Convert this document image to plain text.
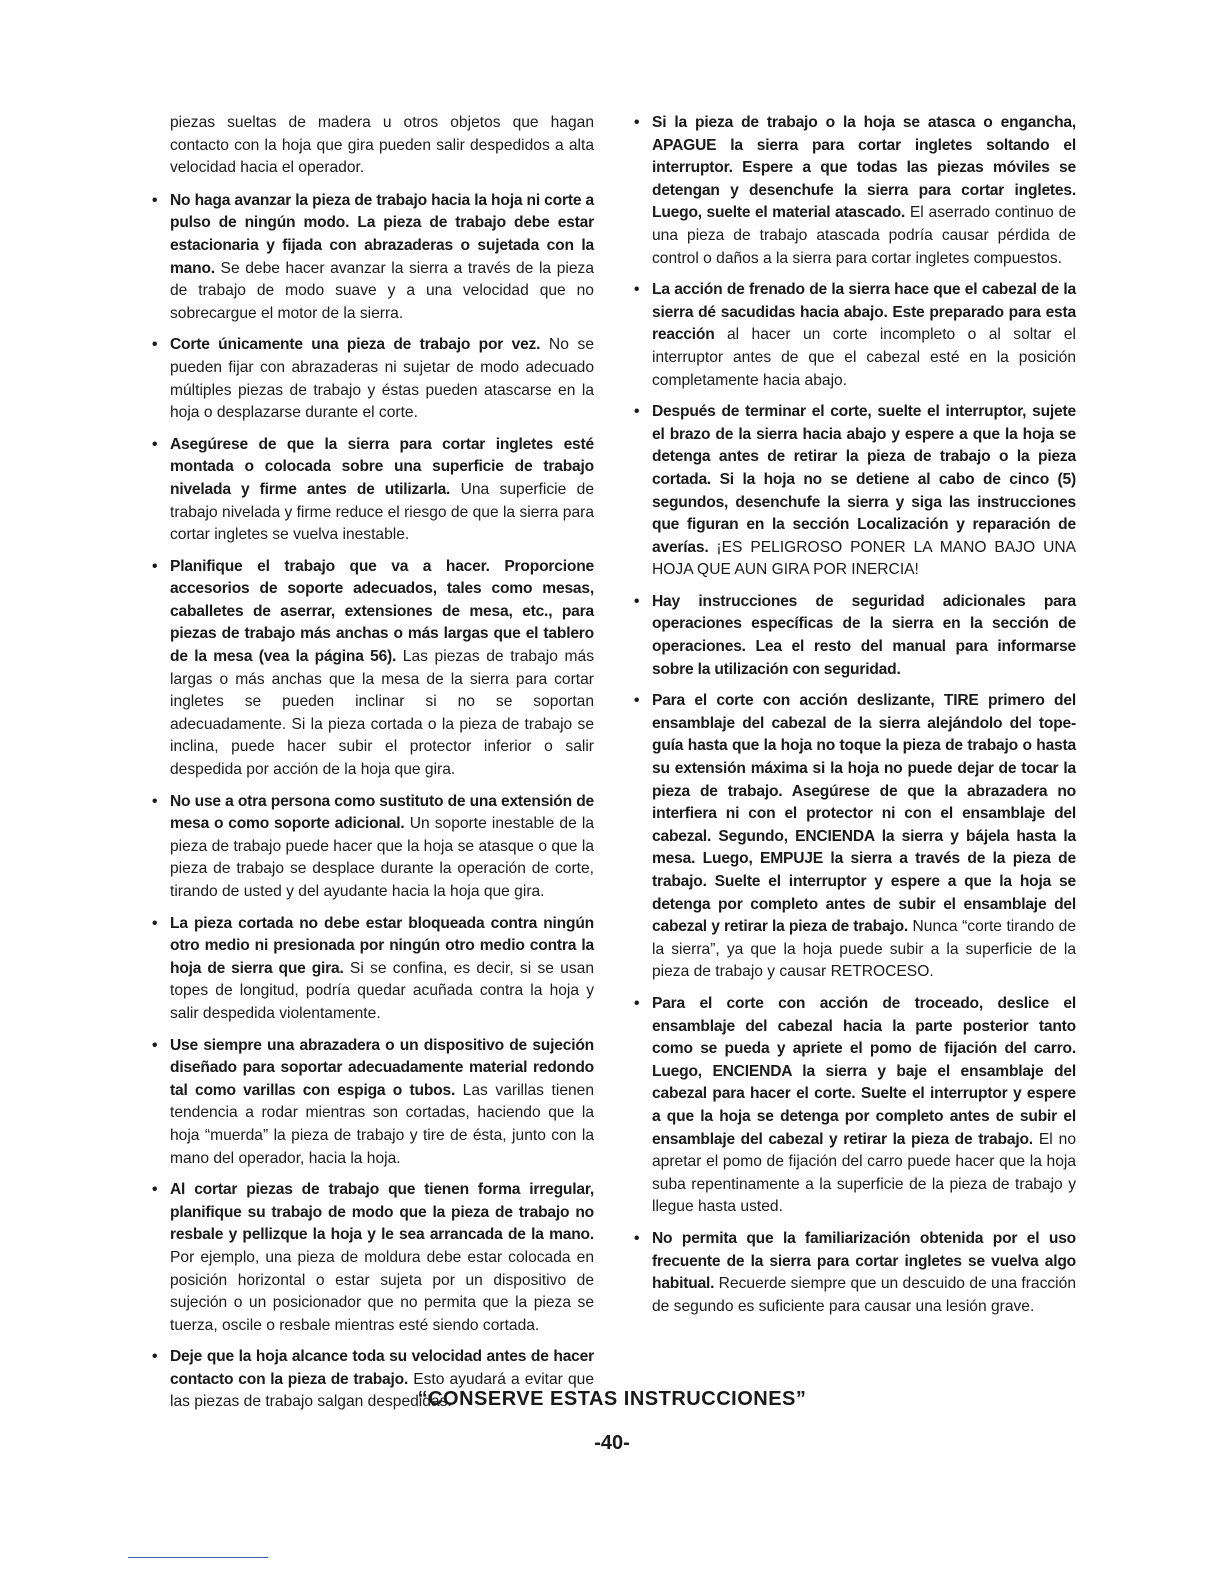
piezas sueltas de madera u otros objetos que hagan contacto con la hoja que gira pueden salir despedidos a alta velocidad hacia el operador.

• No haga avanzar la pieza de trabajo hacia la hoja ni corte a pulso de ningún modo. La pieza de trabajo debe estar estacionaria y fijada con abrazaderas o sujetada con la mano. Se debe hacer avanzar la sierra a través de la pieza de trabajo de modo suave y a una velocidad que no sobrecargue el motor de la sierra.
• Corte únicamente una pieza de trabajo por vez. No se pueden fijar con abrazaderas ni sujetar de modo adecuado múltiples piezas de trabajo y éstas pueden atascarse en la hoja o desplazarse durante el corte.
• Asegúrese de que la sierra para cortar ingletes esté montada o colocada sobre una superficie de trabajo nivelada y firme antes de utilizarla. Una superficie de trabajo nivelada y firme reduce el riesgo de que la sierra para cortar ingletes se vuelva inestable.
• Planifique el trabajo que va a hacer. Proporcione accesorios de soporte adecuados, tales como mesas, caballetes de aserrar, extensiones de mesa, etc., para piezas de trabajo más anchas o más largas que el tablero de la mesa (vea la página 56). Las piezas de trabajo más largas o más anchas que la mesa de la sierra para cortar ingletes se pueden inclinar si no se soportan adecuadamente. Si la pieza cortada o la pieza de trabajo se inclina, puede hacer subir el protector inferior o salir despedida por acción de la hoja que gira.
• No use a otra persona como sustituto de una extensión de mesa o como soporte adicional. Un soporte inestable de la pieza de trabajo puede hacer que la hoja se atasque o que la pieza de trabajo se desplace durante la operación de corte, tirando de usted y del ayudante hacia la hoja que gira.
• La pieza cortada no debe estar bloqueada contra ningún otro medio ni presionada por ningún otro medio contra la hoja de sierra que gira. Si se confina, es decir, si se usan topes de longitud, podría quedar acuñada contra la hoja y salir despedida violentamente.
• Use siempre una abrazadera o un dispositivo de sujeción diseñado para soportar adecuadamente material redondo tal como varillas con espiga o tubos. Las varillas tienen tendencia a rodar mientras son cortadas, haciendo que la hoja “muerda” la pieza de trabajo y tire de ésta, junto con la mano del operador, hacia la hoja.
• Al cortar piezas de trabajo que tienen forma irregular, planifique su trabajo de modo que la pieza de trabajo no resbale y pellizque la hoja y le sea arrancada de la mano. Por ejemplo, una pieza de moldura debe estar colocada en posición horizontal o estar sujeta por un dispositivo de sujeción o un posicionador que no permita que la pieza se tuerza, oscile o resbale mientras esté siendo cortada.
• Deje que la hoja alcance toda su velocidad antes de hacer contacto con la pieza de trabajo. Esto ayudará a evitar que las piezas de trabajo salgan despedidas.
• Si la pieza de trabajo o la hoja se atasca o engancha, APAGUE la sierra para cortar ingletes soltando el interruptor. Espere a que todas las piezas móviles se detengan y desenchufe la sierra para cortar ingletes. Luego, suelte el material atascado. El aserrado continuo de una pieza de trabajo atascada podría causar pérdida de control o daños a la sierra para cortar ingletes compuestos.
• La acción de frenado de la sierra hace que el cabezal de la sierra dé sacudidas hacia abajo. Este preparado para esta reacción al hacer un corte incompleto o al soltar el interruptor antes de que el cabezal esté en la posición completamente hacia abajo.
• Después de terminar el corte, suelte el interruptor, sujete el brazo de la sierra hacia abajo y espere a que la hoja se detenga antes de retirar la pieza de trabajo o la pieza cortada. Si la hoja no se detiene al cabo de cinco (5) segundos, desenchufe la sierra y siga las instrucciones que figuran en la sección Localización y reparación de averías. ¡ES PELIGROSO PONER LA MANO BAJO UNA HOJA QUE AUN GIRA POR INERCIA!
• Hay instrucciones de seguridad adicionales para operaciones específicas de la sierra en la sección de operaciones. Lea el resto del manual para informarse sobre la utilización con seguridad.
• Para el corte con acción deslizante, TIRE primero del ensamblaje del cabezal de la sierra alejándolo del tope-guía hasta que la hoja no toque la pieza de trabajo o hasta su extensión máxima si la hoja no puede dejar de tocar la pieza de trabajo. Asegúrese de que la abrazadera no interfiera ni con el protector ni con el ensamblaje del cabezal. Segundo, ENCIENDA la sierra y bájela hasta la mesa. Luego, EMPUJE la sierra a través de la pieza de trabajo. Suelte el interruptor y espere a que la hoja se detenga por completo antes de subir el ensamblaje del cabezal y retirar la pieza de trabajo. Nunca “corte tirando de la sierra”, ya que la hoja puede subir a la superficie de la pieza de trabajo y causar RETROCESO.
• Para el corte con acción de troceado, deslice el ensamblaje del cabezal hacia la parte posterior tanto como se pueda y apriete el pomo de fijación del carro. Luego, ENCIENDA la sierra y baje el ensamblaje del cabezal para hacer el corte. Suelte el interruptor y espere a que la hoja se detenga por completo antes de subir el ensamblaje del cabezal y retirar la pieza de trabajo. El no apretar el pomo de fijación del carro puede hacer que la hoja suba repentinamente a la superficie de la pieza de trabajo y llegue hasta usted.
• No permita que la familiarización obtenida por el uso frecuente de la sierra para cortar ingletes se vuelva algo habitual. Recuerde siempre que un descuido de una fracción de segundo es suficiente para causar una lesión grave.
“CONSERVE ESTAS INSTRUCCIONES”
-40-
